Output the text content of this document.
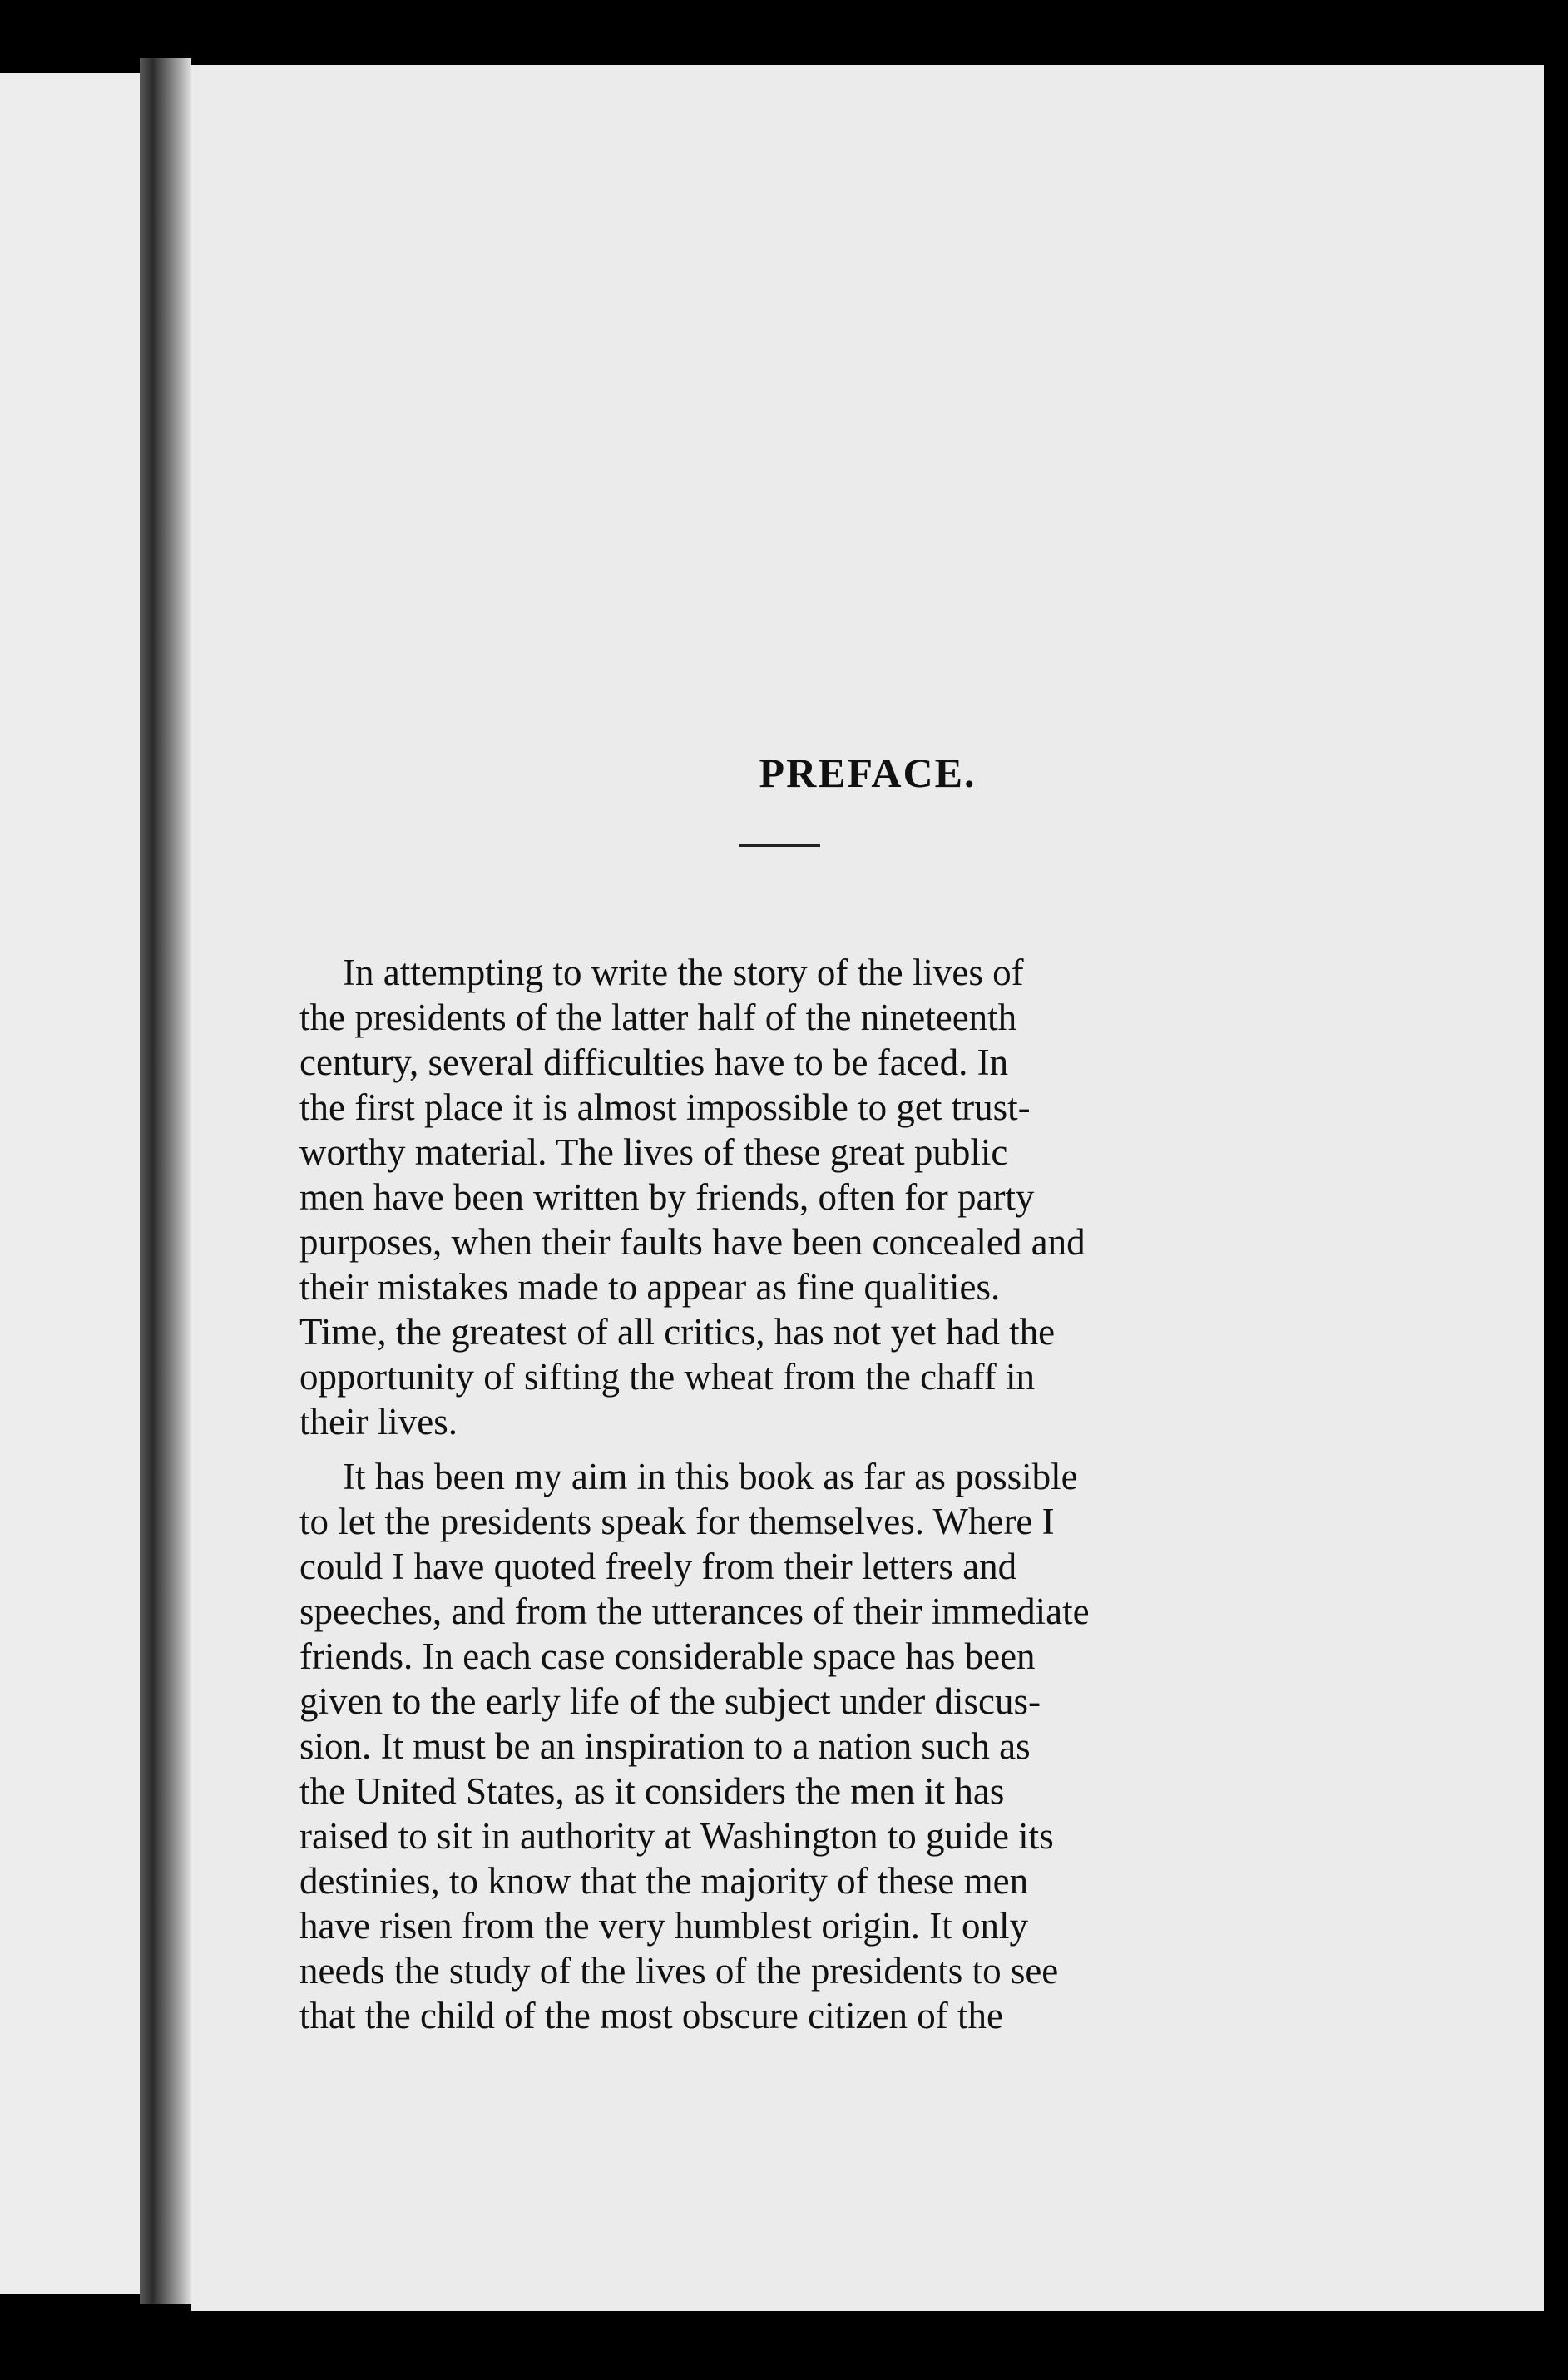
PREFACE.
In attempting to write the story of the lives of
the presidents of the latter half of the nineteenth
century, several difficulties have to be faced. In
the first place it is almost impossible to get trust-
worthy material. The lives of these great public
men have been written by friends, often for party
purposes, when their faults have been concealed and
their mistakes made to appear as fine qualities.
Time, the greatest of all critics, has not yet had the
opportunity of sifting the wheat from the chaff in
their lives.
It has been my aim in this book as far as possible
to let the presidents speak for themselves. Where I
could I have quoted freely from their letters and
speeches, and from the utterances of their immediate
friends. In each case considerable space has been
given to the early life of the subject under discus-
sion. It must be an inspiration to a nation such as
the United States, as it considers the men it has
raised to sit in authority at Washington to guide its
destinies, to know that the majority of these men
have risen from the very humblest origin. It only
needs the study of the lives of the presidents to see
that the child of the most obscure citizen of the
